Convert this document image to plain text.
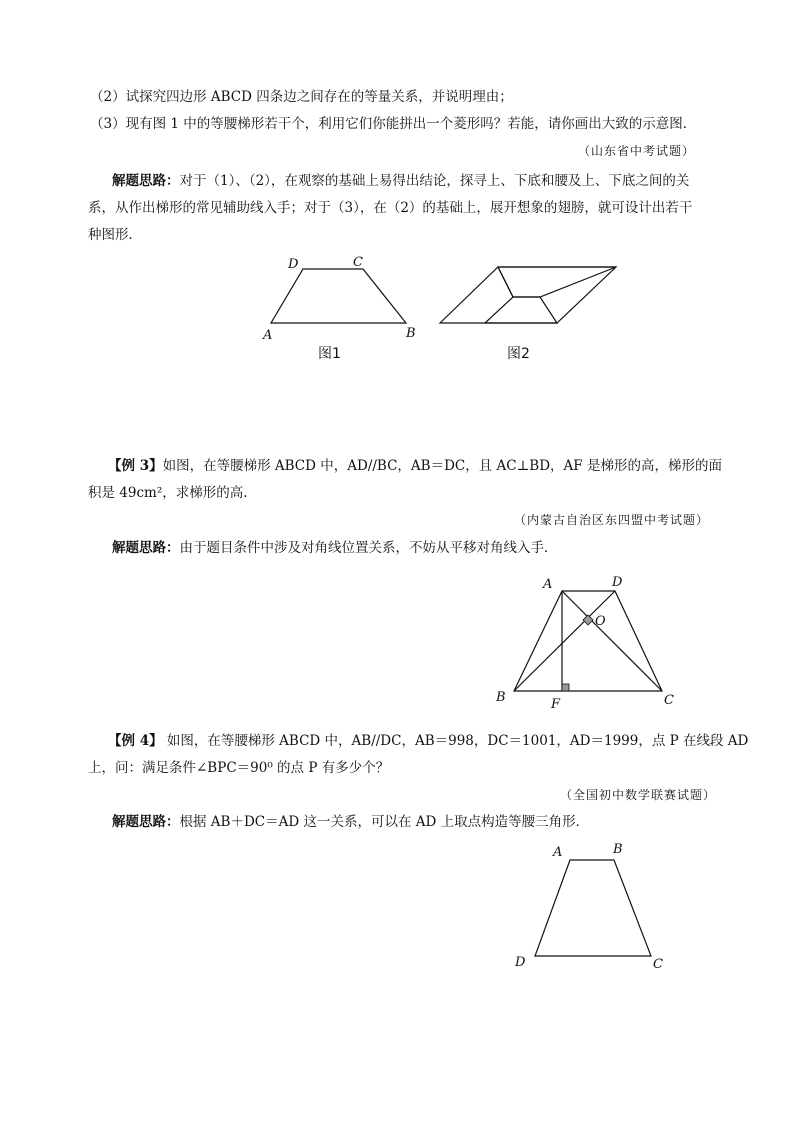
（2）试探究四边形 ABCD 四条边之间存在的等量关系，并说明理由；
（3）现有图 1 中的等腰梯形若干个，利用它们你能拼出一个菱形吗？若能，请你画出大致的示意图．
（山东省中考试题）
解题思路：对于（1）、（2），在观察的基础上易得出结论，探寻上、下底和腰及上、下底之间的关
系，从作出梯形的常见辅助线入手；对于（3），在（2）的基础上，展开想象的翅膀，就可设计出若干
种图形．
D	C
A	B
图1	图2
A	D
O
B	F	C
A	B
D	C
【例 3】如图，在等腰梯形 ABCD 中，AD//BC，AB＝DC，且 AC⊥BD，AF 是梯形的高，梯形的面
积是 49cm²，求梯形的高.
（内蒙古自治区东四盟中考试题）
解题思路：由于题目条件中涉及对角线位置关系，不妨从平移对角线入手．
【例 4】 如图，在等腰梯形 ABCD 中，AB//DC，AB＝998，DC＝1001，AD＝1999，点 P 在线段 AD
上，问：满足条件∠BPC＝90⁰ 的点 P 有多少个？
（全国初中数学联赛试题）
解题思路：根据 AB＋DC＝AD 这一关系，可以在 AD 上取点构造等腰三角形．
